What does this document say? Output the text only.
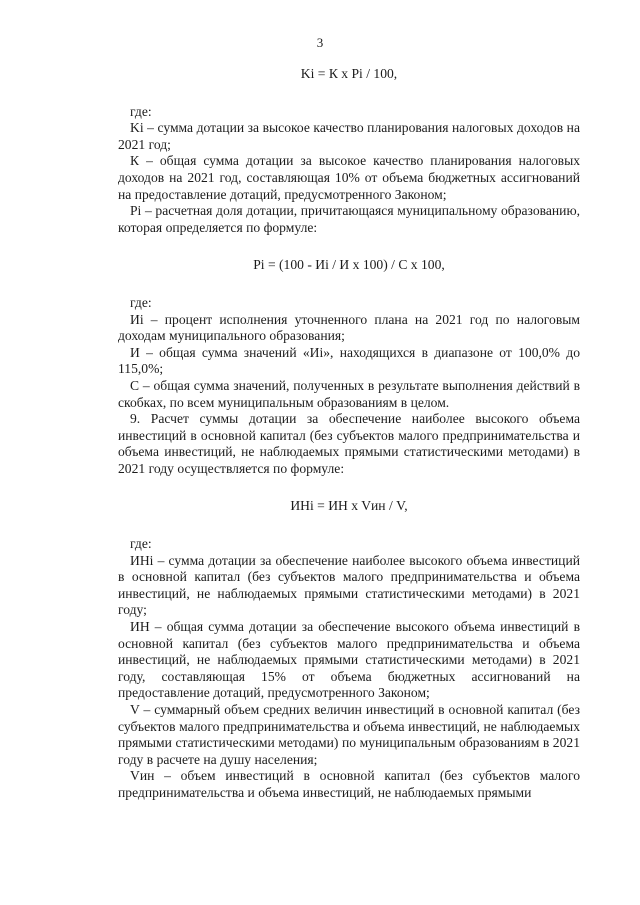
3

Ki = К x Pi / 100,

где:

Ki – сумма дотации за высокое качество планирования налоговых доходов на 2021 год;

К – общая сумма дотации за высокое качество планирования налоговых доходов на 2021 год, составляющая 10% от объема бюджетных ассигнований на предоставление дотаций, предусмотренного Законом;

Pi – расчетная доля дотации, причитающаяся муниципальному образованию, которая определяется по формуле:

Pi = (100 - Иi / И x 100) / C x 100,

где:

Иi – процент исполнения уточненного плана на 2021 год по налоговым доходам муниципального образования;

И – общая сумма значений «Иi», находящихся в диапазоне от 100,0% до 115,0%;

С – общая сумма значений, полученных в результате выполнения действий в скобках, по всем муниципальным образованиям в целом.

9. Расчет суммы дотации за обеспечение наиболее высокого объема инвестиций в основной капитал (без субъектов малого предпринимательства и объема инвестиций, не наблюдаемых прямыми статистическими методами) в 2021 году осуществляется по формуле:

ИНi = ИН x Vин / V,

где:

ИНi – сумма дотации за обеспечение наиболее высокого объема инвестиций в основной капитал (без субъектов малого предпринимательства и объема инвестиций, не наблюдаемых прямыми статистическими методами) в 2021 году;

ИН – общая сумма дотации за обеспечение высокого объема инвестиций в основной капитал (без субъектов малого предпринимательства и объема инвестиций, не наблюдаемых прямыми статистическими методами) в 2021 году, составляющая 15% от объема бюджетных ассигнований на предоставление дотаций, предусмотренного Законом;

V – суммарный объем средних величин инвестиций в основной капитал (без субъектов малого предпринимательства и объема инвестиций, не наблюдаемых прямыми статистическими методами) по муниципальным образованиям в 2021 году в расчете на душу населения;

Vин – объем инвестиций в основной капитал (без субъектов малого предпринимательства и объема инвестиций, не наблюдаемых прямыми
